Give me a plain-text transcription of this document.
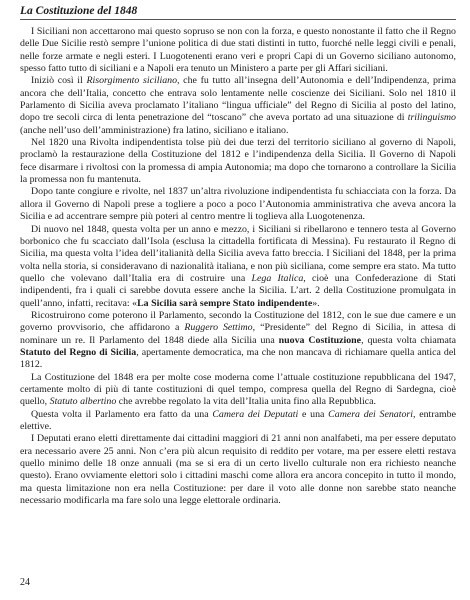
La Costituzione del 1848

I Siciliani non accettarono mai questo sopruso se non con la forza, e questo nonostante il fatto che il Regno delle Due Sicilie restò sempre l’unione politica di due stati distinti in tutto, fuorché nelle leggi civili e penali, nelle forze armate e negli esteri. I Luogotenenti erano veri e propri Capi di un Governo siciliano autonomo, spesso fatto tutto di siciliani e a Napoli era tenuto un Ministero a parte per gli Affari siciliani.

Iniziò così il Risorgimento siciliano, che fu tutto all’insegna dell’Autonomia e dell’Indipendenza, prima ancora che dell’Italia, concetto che entrava solo lentamente nelle coscienze dei Siciliani. Solo nel 1810 il Parlamento di Sicilia aveva proclamato l’italiano “lingua ufficiale” del Regno di Sicilia al posto del latino, dopo tre secoli circa di lenta penetrazione del “toscano” che aveva portato ad una situazione di trilinguismo (anche nell’uso dell’amministrazione) fra latino, siciliano e italiano.

Nel 1820 una Rivolta indipendentista tolse più dei due terzi del territorio siciliano al governo di Napoli, proclamò la restaurazione della Costituzione del 1812 e l’indipendenza della Sicilia. Il Governo di Napoli fece disarmare i rivoltosi con la promessa di ampia Autonomia; ma dopo che tornarono a controllare la Sicilia la promessa non fu mantenuta.

Dopo tante congiure e rivolte, nel 1837 un’altra rivoluzione indipendentista fu schiacciata con la forza. Da allora il Governo di Napoli prese a togliere a poco a poco l’Autonomia amministrativa che aveva ancora la Sicilia e ad accentrare sempre più poteri al centro mentre li toglieva alla Luogotenenza.

Di nuovo nel 1848, questa volta per un anno e mezzo, i Siciliani si ribellarono e tennero testa al Governo borbonico che fu scacciato dall’Isola (esclusa la cittadella fortificata di Messina). Fu restaurato il Regno di Sicilia, ma questa volta l’idea dell’italianità della Sicilia aveva fatto breccia. I Siciliani del 1848, per la prima volta nella storia, si consideravano di nazionalità italiana, e non più siciliana, come sempre era stato. Ma tutto quello che volevano dall’Italia era di costruire una Lega Italica, cioè una Confederazione di Stati indipendenti, fra i quali ci sarebbe dovuta essere anche la Sicilia. L’art. 2 della Costituzione promulgata in quell’anno, infatti, recitava: «La Sicilia sarà sempre Stato indipendente».

Ricostruirono come poterono il Parlamento, secondo la Costituzione del 1812, con le sue due camere e un governo provvisorio, che affidarono a Ruggero Settimo, “Presidente” del Regno di Sicilia, in attesa di nominare un re. Il Parlamento del 1848 diede alla Sicilia una nuova Costituzione, questa volta chiamata Statuto del Regno di Sicilia, apertamente democratica, ma che non mancava di richiamare quella antica del 1812.

La Costituzione del 1848 era per molte cose moderna come l’attuale costituzione repubblicana del 1947, certamente molto di più di tante costituzioni di quel tempo, compresa quella del Regno di Sardegna, cioè quello, Statuto albertino che avrebbe regolato la vita dell’Italia unita fino alla Repubblica.

Questa volta il Parlamento era fatto da una Camera dei Deputati e una Camera dei Senatori, entrambe elettive.

I Deputati erano eletti direttamente dai cittadini maggiori di 21 anni non analfabeti, ma per essere deputato era necessario avere 25 anni. Non c’era più alcun requisito di reddito per votare, ma per essere eletti restava quello minimo delle 18 onze annuali (ma se si era di un certo livello culturale non era richiesto neanche questo). Erano ovviamente elettori solo i cittadini maschi come allora era ancora concepito in tutto il mondo, ma questa limitazione non era nella Costituzione: per dare il voto alle donne non sarebbe stato neanche necessario modificarla ma fare solo una legge elettorale ordinaria.

24
